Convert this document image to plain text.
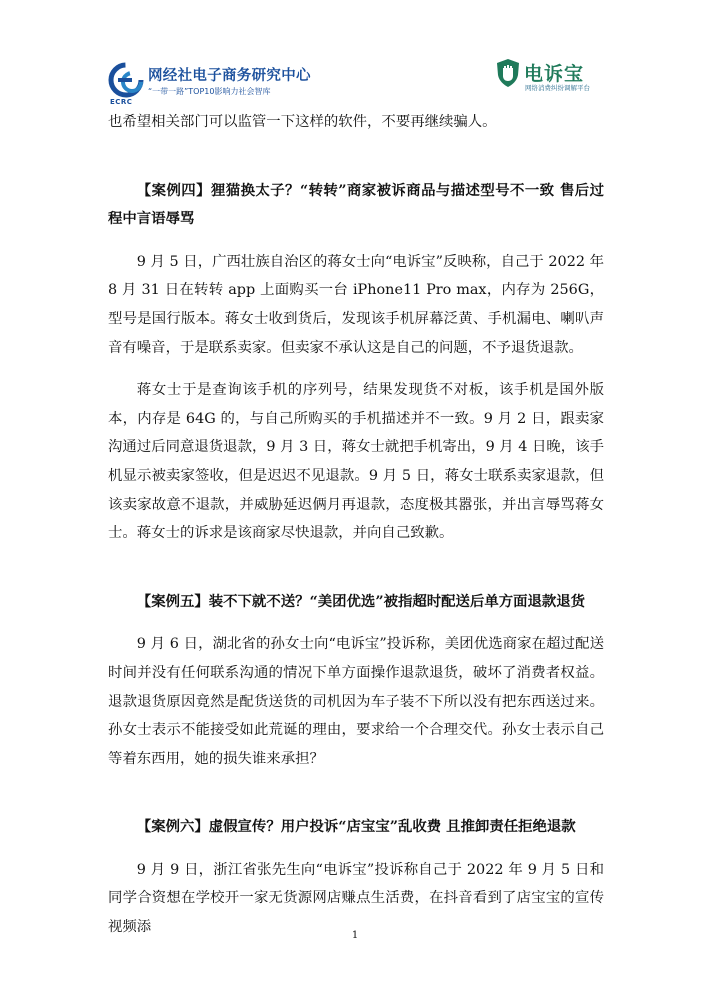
网经社电子商务研究中心
“一带一路”TOP10影响力社会智库
ECRC
电诉宝
网络消费纠纷调解平台

也希望相关部门可以监管一下这样的软件，不要再继续骗人。

【案例四】狸猫换太子？“转转”商家被诉商品与描述型号不一致 售后过程中言语辱骂

9 月 5 日，广西壮族自治区的蒋女士向“电诉宝”反映称，自己于 2022 年 8 月 31 日在转转 app 上面购买一台 iPhone11 Pro max，内存为 256G，型号是国行版本。蒋女士收到货后，发现该手机屏幕泛黄、手机漏电、喇叭声音有噪音，于是联系卖家。但卖家不承认这是自己的问题，不予退货退款。

蒋女士于是查询该手机的序列号，结果发现货不对板，该手机是国外版本，内存是 64G 的，与自己所购买的手机描述并不一致。9 月 2 日，跟卖家沟通过后同意退货退款，9 月 3 日，蒋女士就把手机寄出，9 月 4 日晚，该手机显示被卖家签收，但是迟迟不见退款。9 月 5 日，蒋女士联系卖家退款，但该卖家故意不退款，并威胁延迟俩月再退款，态度极其嚣张，并出言辱骂蒋女士。蒋女士的诉求是该商家尽快退款，并向自己致歉。

【案例五】装不下就不送？“美团优选”被指超时配送后单方面退款退货

9 月 6 日，湖北省的孙女士向“电诉宝”投诉称，美团优选商家在超过配送时间并没有任何联系沟通的情况下单方面操作退款退货，破坏了消费者权益。 退款退货原因竟然是配货送货的司机因为车子装不下所以没有把东西送过来。孙女士表示不能接受如此荒诞的理由，要求给一个合理交代。孙女士表示自己等着东西用，她的损失谁来承担？

【案例六】虚假宣传？用户投诉“店宝宝”乱收费 且推卸责任拒绝退款

9 月 9 日，浙江省张先生向“电诉宝”投诉称自己于 2022 年 9 月 5 日和同学合资想在学校开一家无货源网店赚点生活费，在抖音看到了店宝宝的宣传视频添

1
